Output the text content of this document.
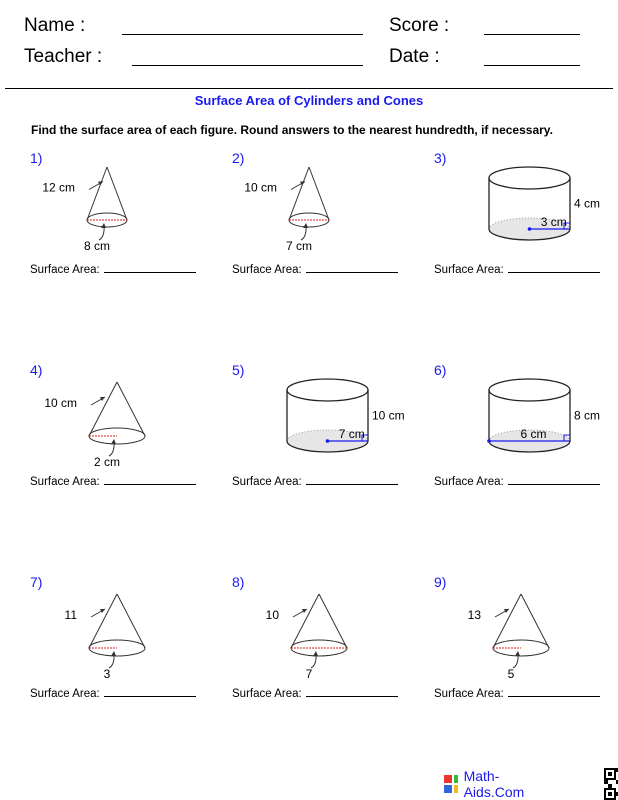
Name :
Teacher :
Score :
Date :
Surface Area of Cylinders and Cones
Find the surface area of each figure. Round answers to the nearest hundredth, if necessary.
1)
12 cm
8 cm
Surface Area:
2)
10 cm
7 cm
Surface Area:
3)
4 cm
3 cm
Surface Area:
4)
10 cm
2 cm
Surface Area:
5)
10 cm
7 cm
Surface Area:
6)
8 cm
6 cm
Surface Area:
7)
11
3
Surface Area:
8)
10
7
Surface Area:
9)
13
5
Surface Area:
Math-Aids.Com
